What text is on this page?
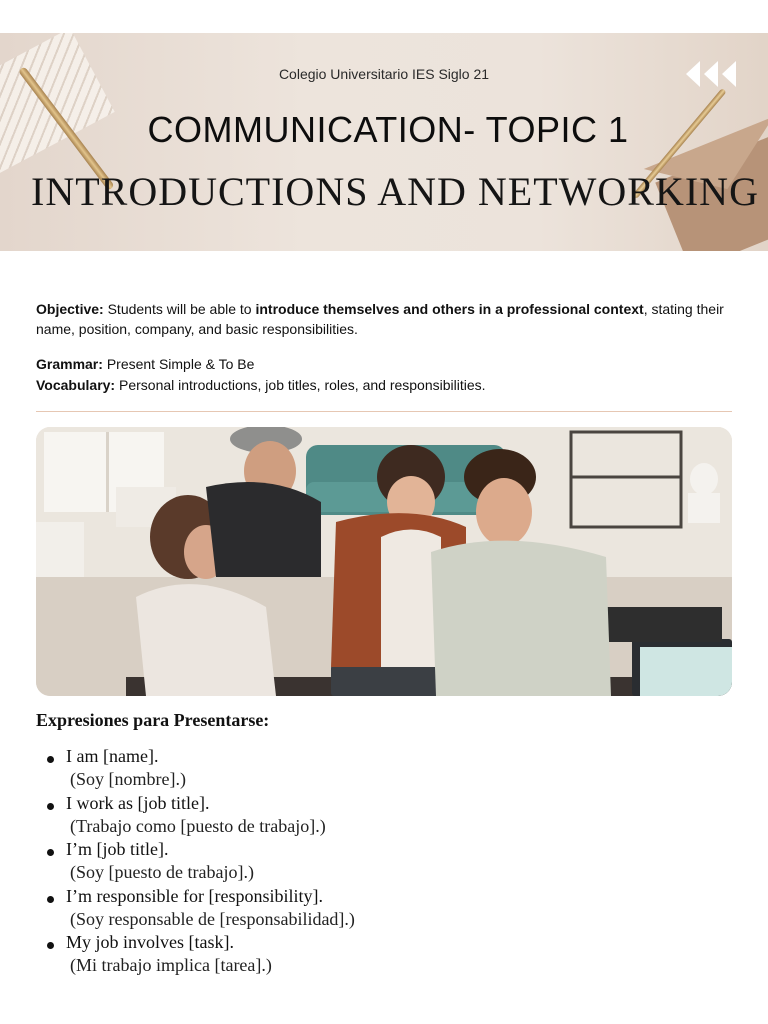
Colegio Universitario IES Siglo 21

COMMUNICATION- TOPIC 1
INTRODUCTIONS AND NETWORKING

Objective: Students will be able to introduce themselves and others in a professional context, stating their name, position, company, and basic responsibilities.

Grammar: Present Simple & To Be
Vocabulary: Personal introductions, job titles, roles, and responsibilities.
Expresiones para Presentarse:
I am [name].
(Soy [nombre].)
I work as [job title].
(Trabajo como [puesto de trabajo].)
I’m [job title].
(Soy [puesto de trabajo].)
I’m responsible for [responsibility].
(Soy responsable de [responsabilidad].)
My job involves [task].
(Mi trabajo implica [tarea].)
